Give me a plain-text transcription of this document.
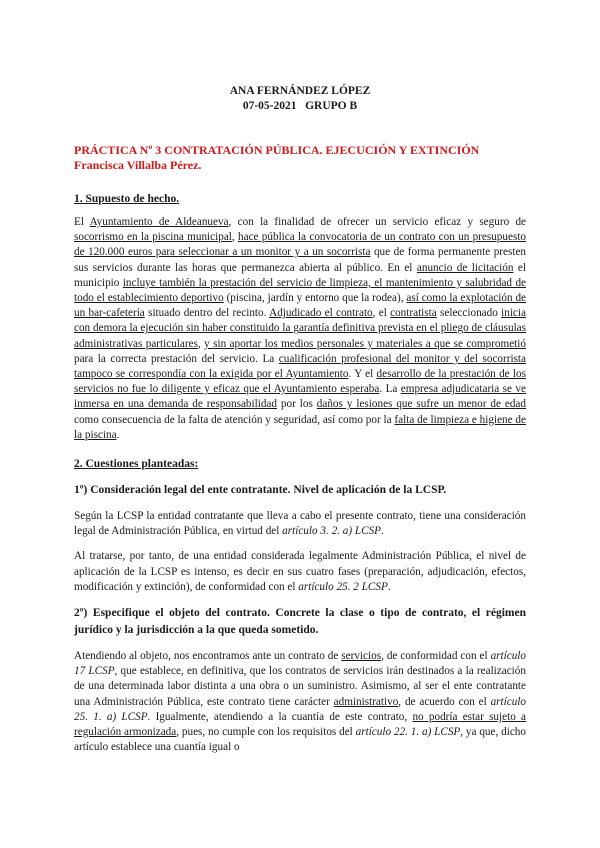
ANA FERNÁNDEZ LÓPEZ
07-05-2021   GRUPO B
PRÁCTICA Nº 3 CONTRATACIÓN PÚBLICA. EJECUCIÓN Y EXTINCIÓN
Francisca Villalba Pérez.
1. Supuesto de hecho.

El Ayuntamiento de Aldeanueva, con la finalidad de ofrecer un servicio eficaz y seguro de socorrismo en la piscina municipal, hace pública la convocatoria de un contrato con un presupuesto de 120.000 euros para seleccionar a un monitor y a un socorrista que de forma permanente presten sus servicios durante las horas que permanezca abierta al público. En el anuncio de licitación el municipio incluye también la prestación del servicio de limpieza, el mantenimiento y salubridad de todo el establecimiento deportivo (piscina, jardín y entorno que la rodea), así como la explotación de un bar-cafetería situado dentro del recinto. Adjudicado el contrato, el contratista seleccionado inicia con demora la ejecución sin haber constituido la garantía definitiva prevista en el pliego de cláusulas administrativas particulares, y sin aportar los medios personales y materiales a que se comprometió para la correcta prestación del servicio. La cualificación profesional del monitor y del socorrista tampoco se correspondía con la exigida por el Ayuntamiento. Y el desarrollo de la prestación de los servicios no fue lo diligente y eficaz que el Ayuntamiento esperaba. La empresa adjudicataria se ve inmersa en una demanda de responsabilidad por los daños y lesiones que sufre un menor de edad como consecuencia de la falta de atención y seguridad, así como por la falta de limpieza e higiene de la piscina.

2. Cuestiones planteadas:
1º) Consideración legal del ente contratante. Nivel de aplicación de la LCSP.

Según la LCSP la entidad contratante que lleva a cabo el presente contrato, tiene una consideración legal de Administración Pública, en virtud del artículo 3. 2. a) LCSP.

Al tratarse, por tanto, de una entidad considerada legalmente Administración Pública, el nivel de aplicación de la LCSP es intenso, es decir en sus cuatro fases (preparación, adjudicación, efectos, modificación y extinción), de conformidad con el artículo 25. 2 LCSP.

2º) Especifique el objeto del contrato. Concrete la clase o tipo de contrato, el régimen jurídico y la jurisdicción a la que queda sometido.

Atendiendo al objeto, nos encontramos ante un contrato de servicios, de conformidad con el artículo 17 LCSP, que establece, en definitiva, que los contratos de servicios irán destinados a la realización de una determinada labor distinta a una obra o un suministro. Asimismo, al ser el ente contratante una Administración Pública, este contrato tiene carácter administrativo, de acuerdo con el artículo 25. 1. a) LCSP. Igualmente, atendiendo a la cuantía de este contrato, no podría estar sujeto a regulación armonizada, pues, no cumple con los requisitos del artículo 22. 1. a) LCSP, ya que, dicho artículo establece una cuantía igual o
